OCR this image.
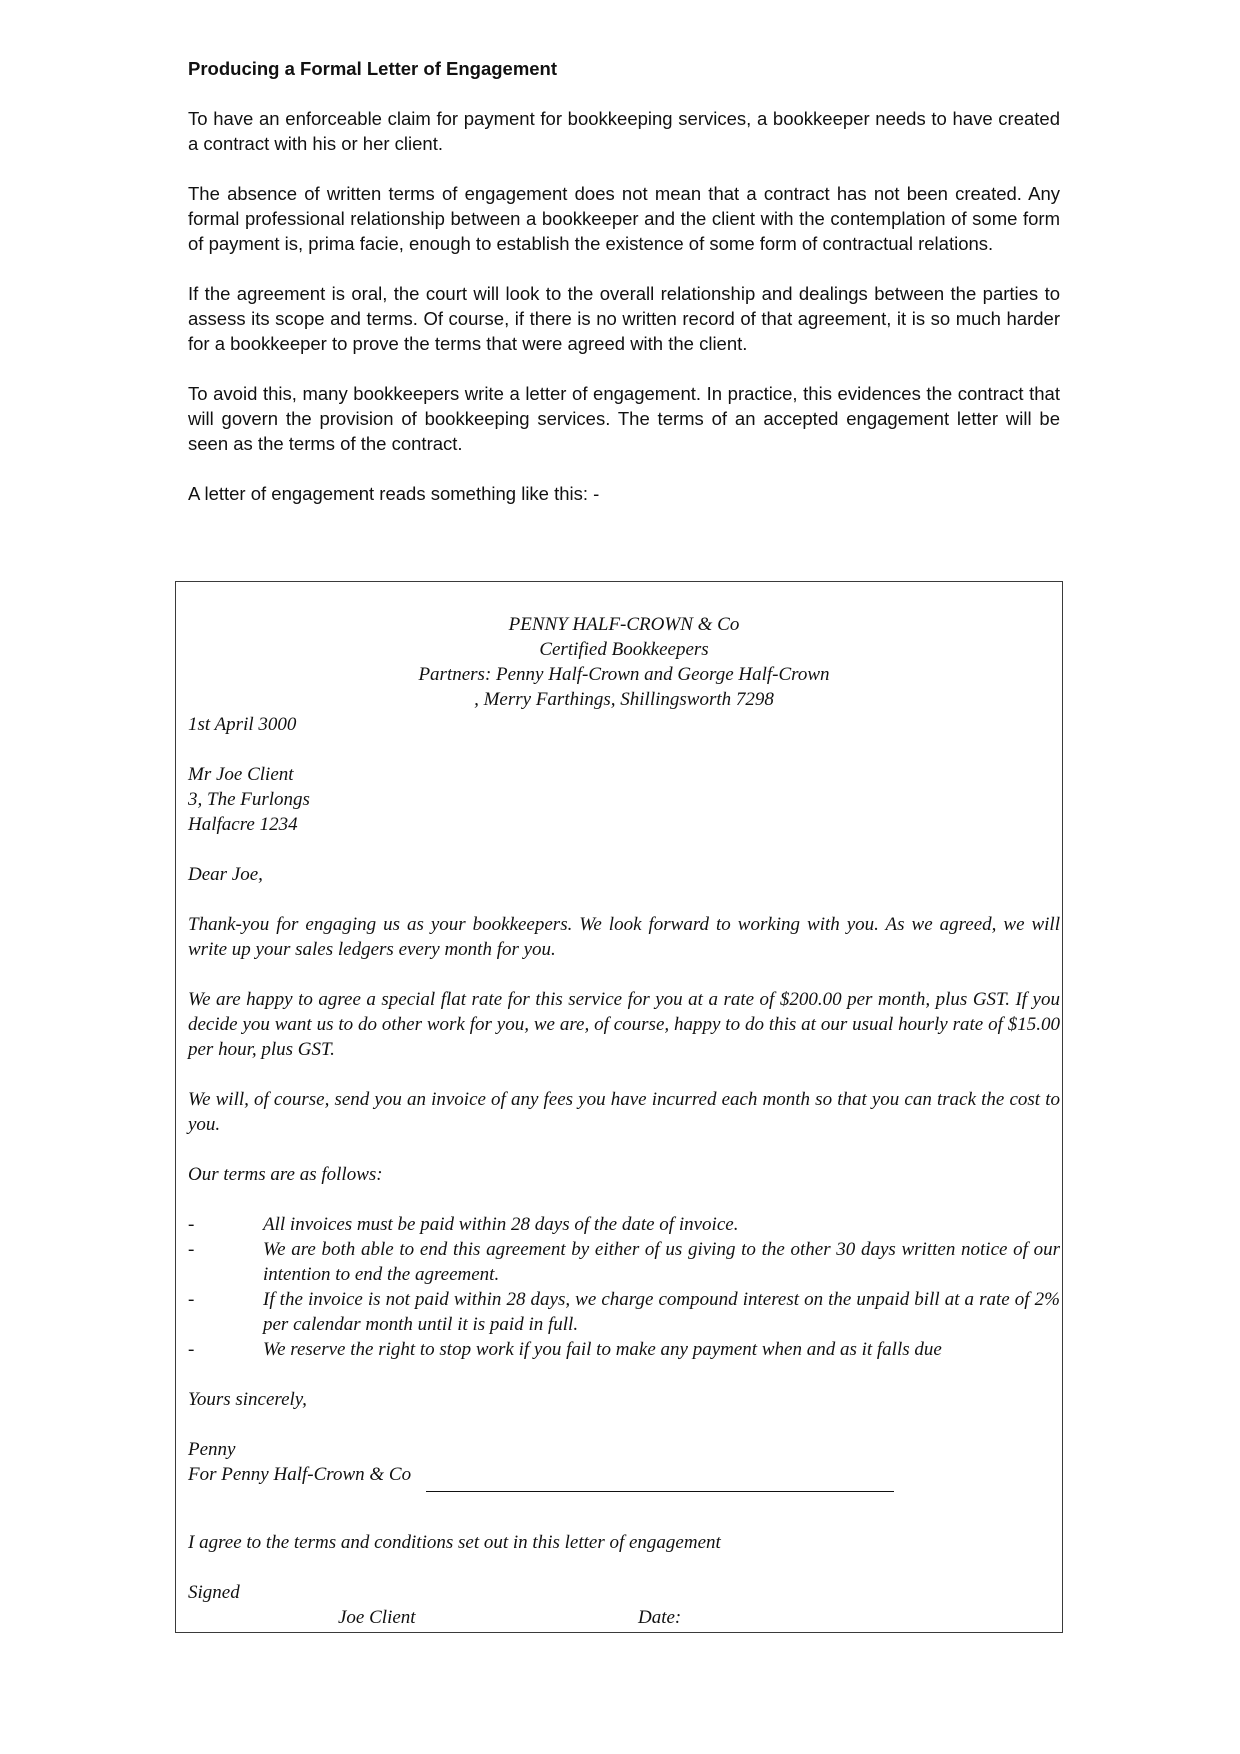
Producing a Formal Letter of Engagement

To have an enforceable claim for payment for bookkeeping services, a bookkeeper needs to have created a contract with his or her client.

The absence of written terms of engagement does not mean that a contract has not been created. Any formal professional relationship between a bookkeeper and the client with the contemplation of some form of payment is, prima facie, enough to establish the existence of some form of contractual relations.

If the agreement is oral, the court will look to the overall relationship and dealings between the parties to assess its scope and terms. Of course, if there is no written record of that agreement, it is so much harder for a bookkeeper to prove the terms that were agreed with the client.

To avoid this, many bookkeepers write a letter of engagement. In practice, this evidences the contract that will govern the provision of bookkeeping services. The terms of an accepted engagement letter will be seen as the terms of the contract.

A letter of engagement reads something like this: -

PENNY HALF-CROWN & Co

Certified Bookkeepers

Partners: Penny Half-Crown and George Half-Crown

, Merry Farthings, Shillingsworth 7298

1st April 3000

Mr Joe Client

3, The Furlongs

Halfacre 1234

Dear Joe,

Thank-you for engaging us as your bookkeepers. We look forward to working with you. As we agreed, we will write up your sales ledgers every month for you.

We are happy to agree a special flat rate for this service for you at a rate of $200.00 per month, plus GST. If you decide you want us to do other work for you, we are, of course, happy to do this at our usual hourly rate of $15.00 per hour, plus GST.

We will, of course, send you an invoice of any fees you have incurred each month so that you can track the cost to you.

Our terms are as follows:

-	All invoices must be paid within 28 days of the date of invoice.
-	We are both able to end this agreement by either of us giving to the other 30 days written notice of our intention to end the agreement.
-	If the invoice is not paid within 28 days, we charge compound interest on the unpaid bill at a rate of 2% per calendar month until it is paid in full.
-	We reserve the right to stop work if you fail to make any payment when and as it falls due

Yours sincerely,

Penny

For Penny Half-Crown & Co

I agree to the terms and conditions set out in this letter of engagement

Signed

Joe Client	Date:
